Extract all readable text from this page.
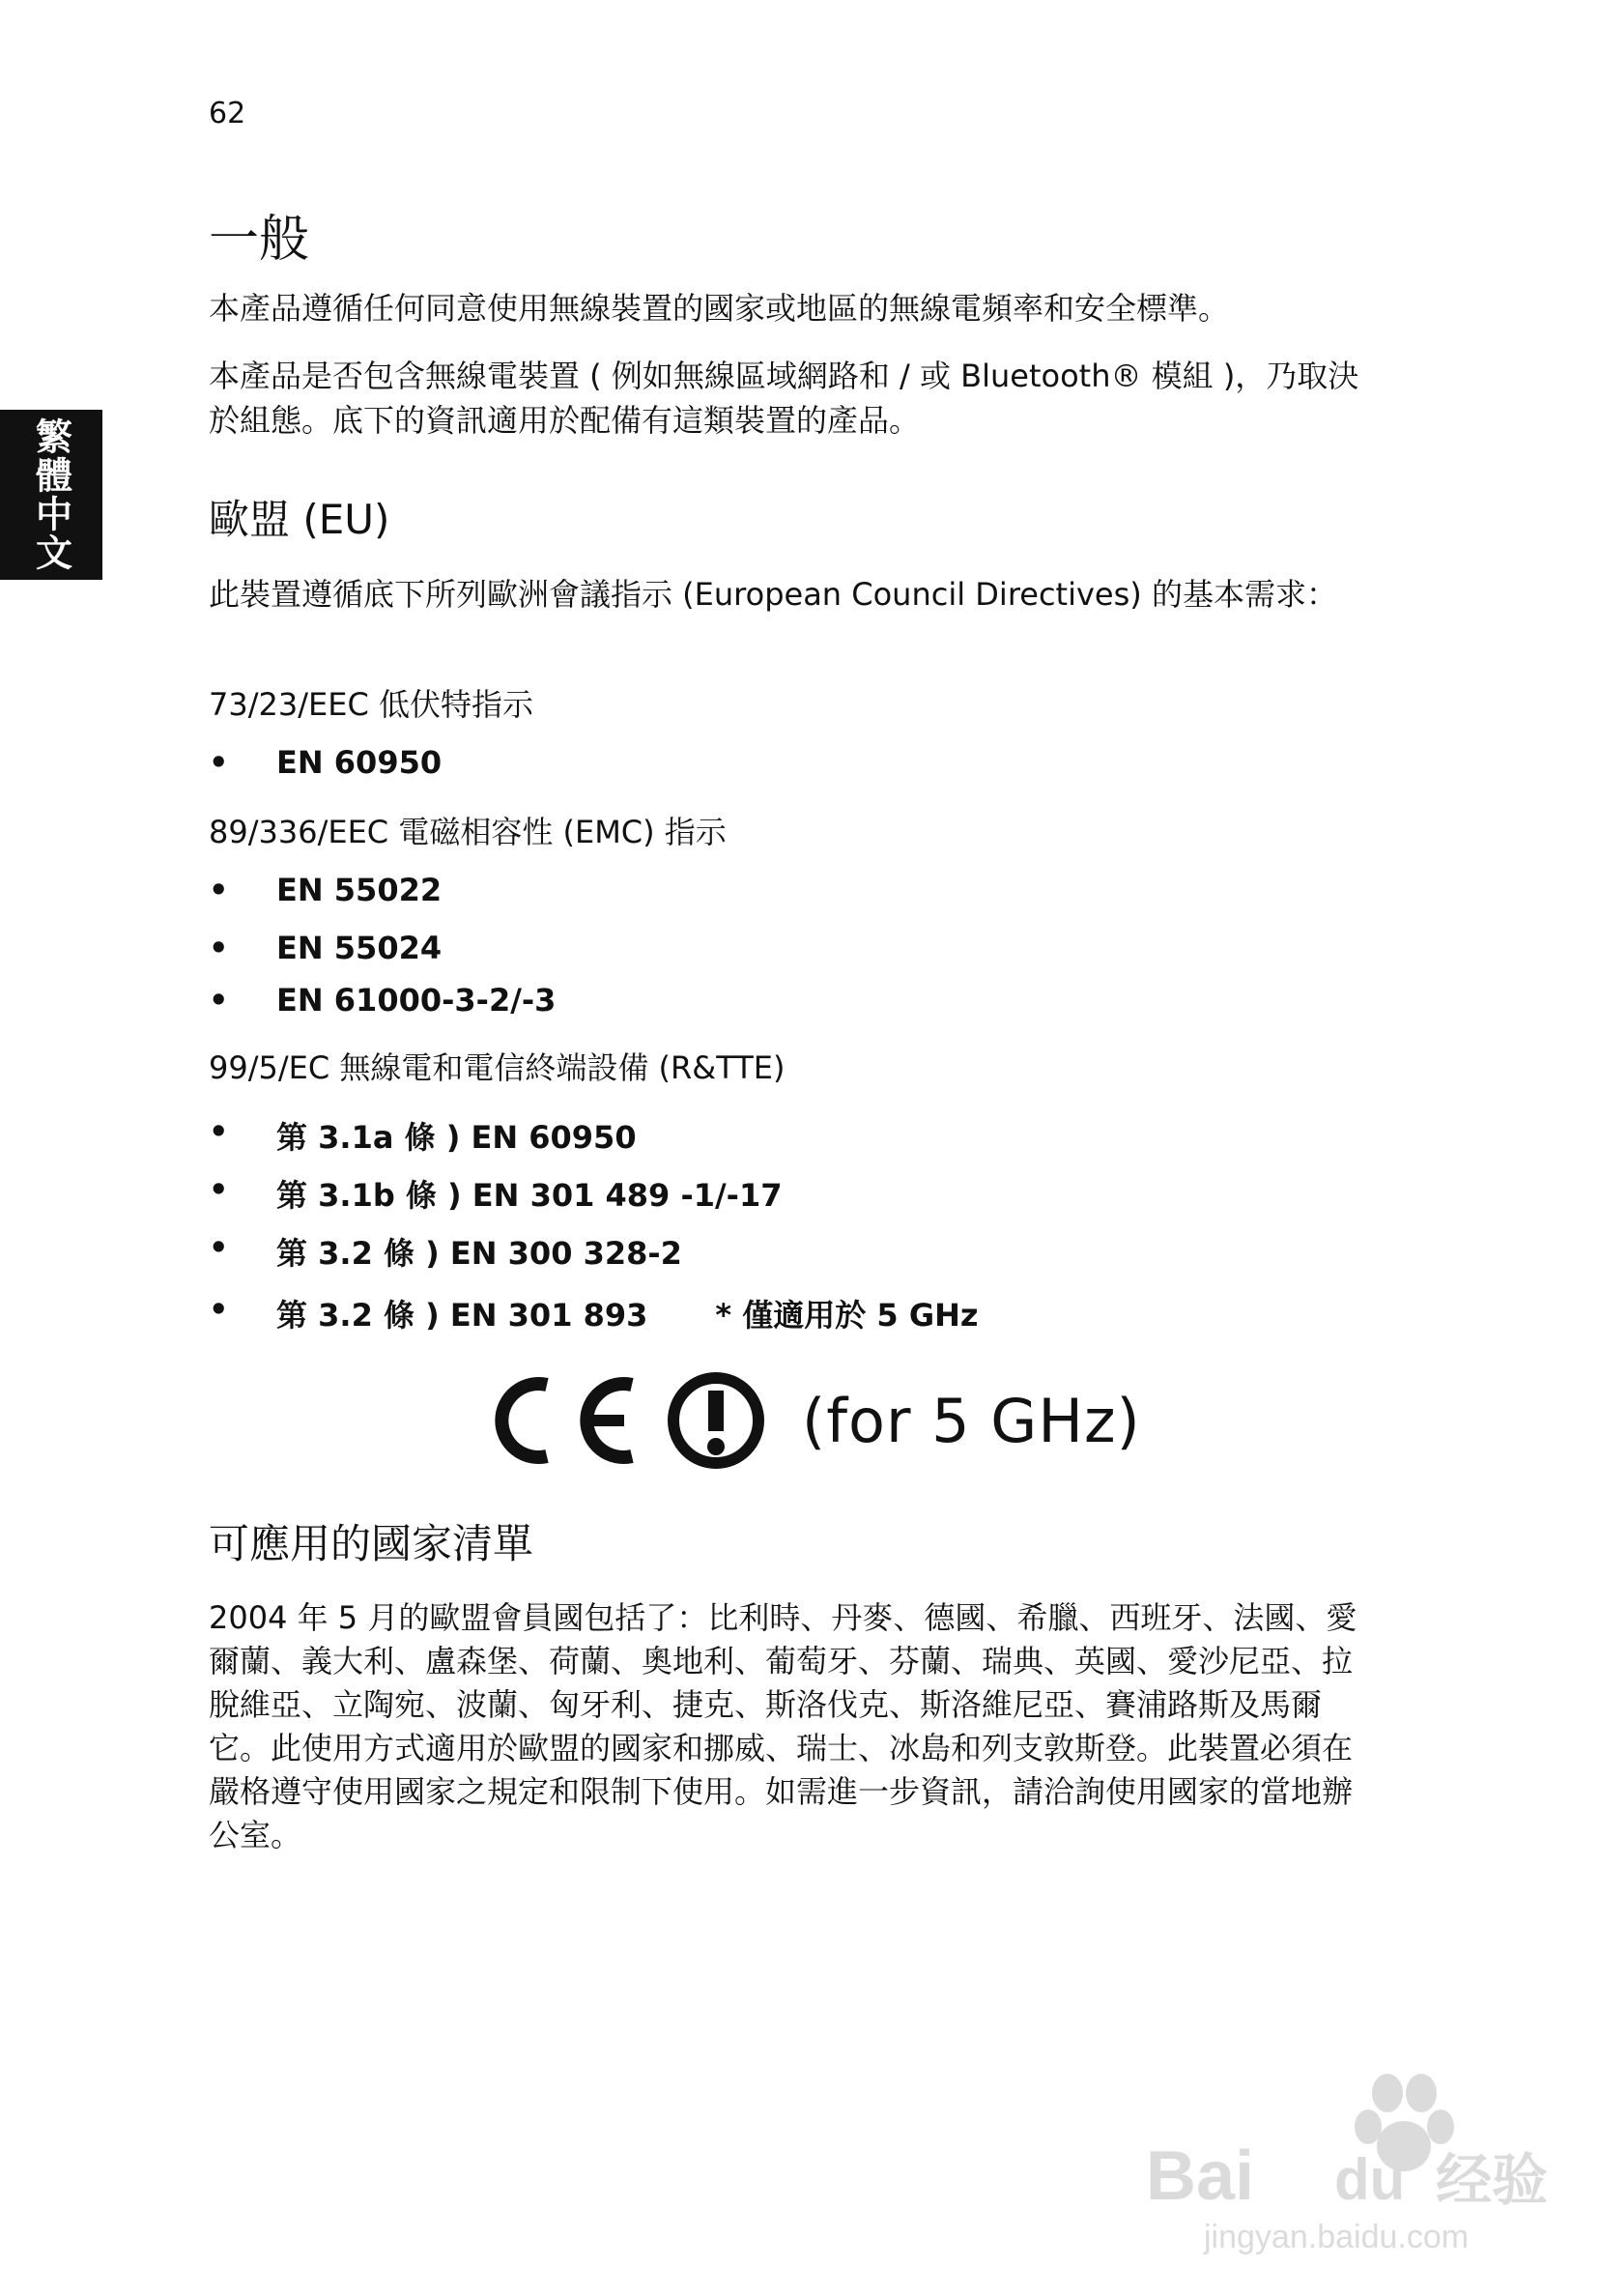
62
繁體中文
一般

本產品遵循任何同意使用無線裝置的國家或地區的無線電頻率和安全標準。

本產品是否包含無線電裝置 ( 例如無線區域網路和 / 或 Bluetooth® 模組 )，乃取決於組態。底下的資訊適用於配備有這類裝置的產品。

歐盟 (EU)

此裝置遵循底下所列歐洲會議指示 (European Council Directives) 的基本需求：

73/23/EEC 低伏特指示

•	EN 60950

89/336/EEC 電磁相容性 (EMC) 指示

•	EN 55022
•	EN 55024
•	EN 61000-3-2/-3

99/5/EC 無線電和電信終端設備 (R&TTE)

•	第 3.1a 條 ) EN 60950
•	第 3.1b 條 ) EN 301 489 -1/-17
•	第 3.2 條 ) EN 300 328-2
•	第 3.2 條 ) EN 301 893 * 僅適用於 5 GHz
(for 5 GHz)
可應用的國家清單

2004 年 5 月的歐盟會員國包括了：比利時、丹麥、德國、希臘、西班牙、法國、愛爾蘭、義大利、盧森堡、荷蘭、奧地利、葡萄牙、芬蘭、瑞典、英國、愛沙尼亞、拉脫維亞、立陶宛、波蘭、匈牙利、捷克、斯洛伐克、斯洛維尼亞、賽浦路斯及馬爾它。此使用方式適用於歐盟的國家和挪威、瑞士、冰島和列支敦斯登。此裝置必須在嚴格遵守使用國家之規定和限制下使用。如需進一步資訊，請洽詢使用國家的當地辦公室。

Bai du 经验
jingyan.baidu.com
